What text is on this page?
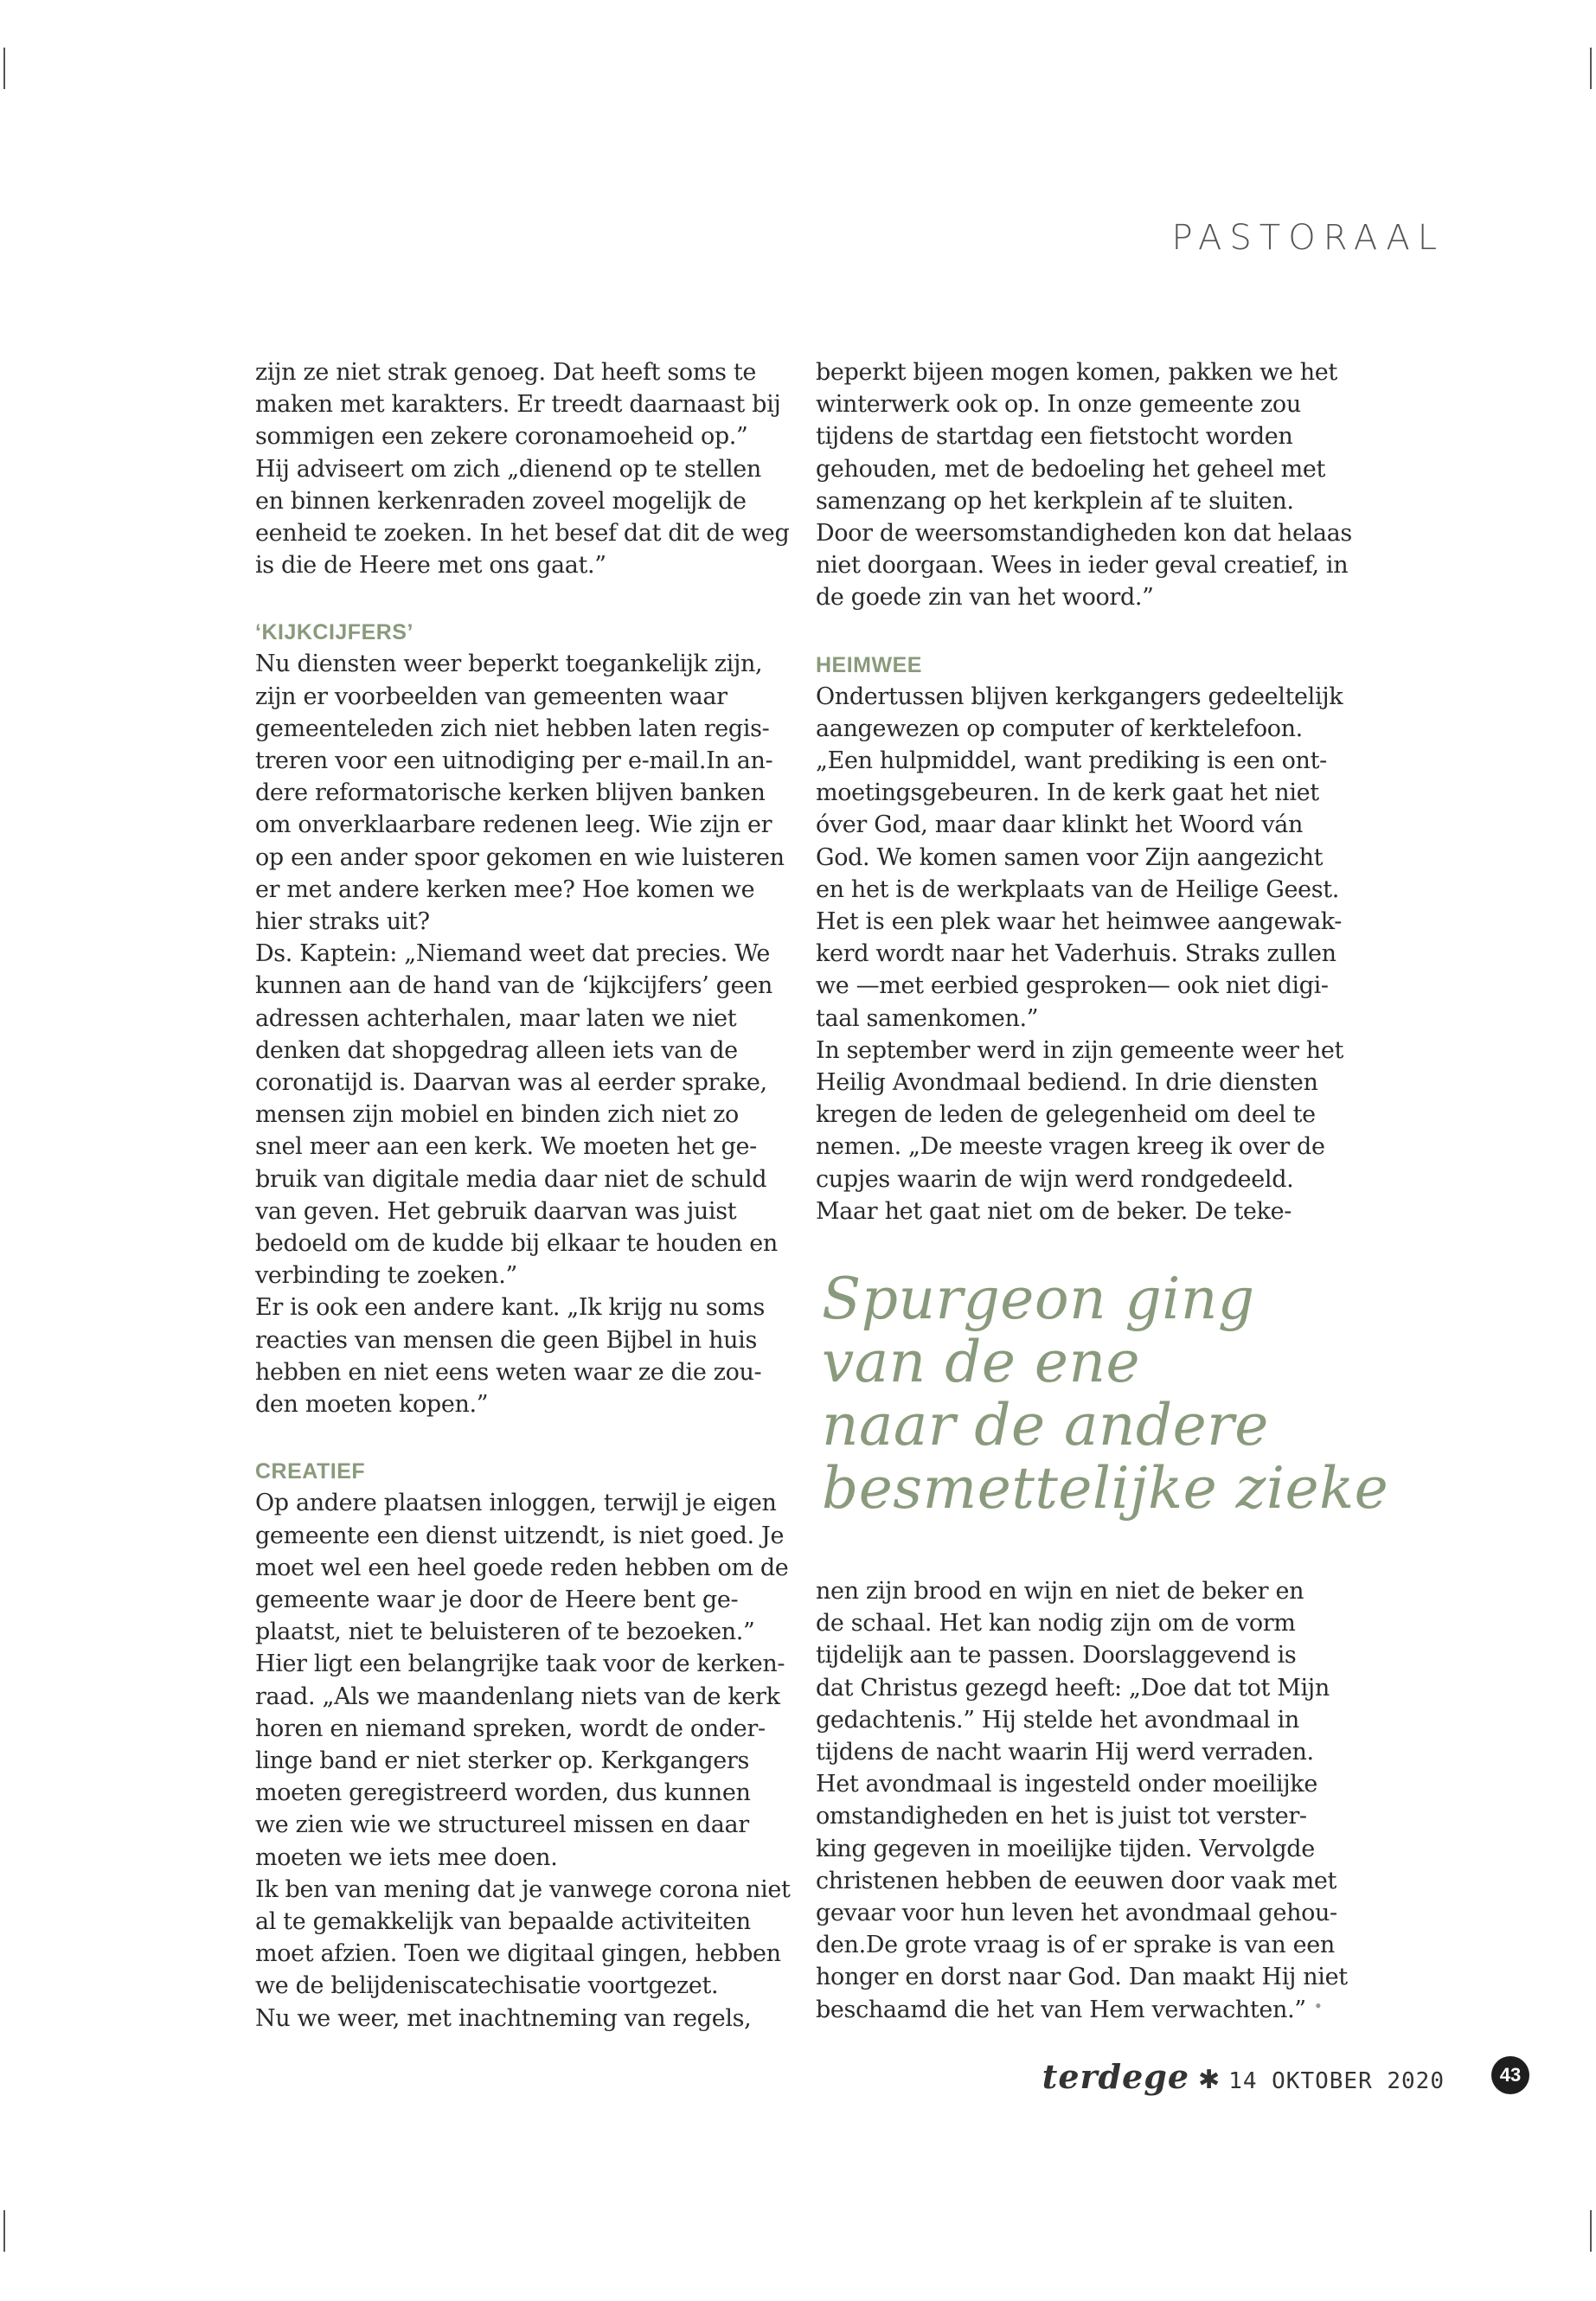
PASTORAAL
zijn ze niet strak genoeg. Dat heeft soms te
maken met karakters. Er treedt daarnaast bij
sommigen een zekere coronamoeheid op.”
Hij adviseert om zich „dienend op te stellen
en binnen kerkenraden zoveel mogelijk de
eenheid te zoeken. In het besef dat dit de weg
is die de Heere met ons gaat.”
‘KIJKCIJFERS’
Nu diensten weer beperkt toegankelijk zijn,
zijn er voorbeelden van gemeenten waar
gemeenteleden zich niet hebben laten regis-
treren voor een uitnodiging per e-mail.In an-
dere reformatorische kerken blijven banken
om onverklaarbare redenen leeg. Wie zijn er
op een ander spoor gekomen en wie luisteren
er met andere kerken mee? Hoe komen we
hier straks uit?
Ds. Kaptein: „Niemand weet dat precies. We
kunnen aan de hand van de ‘kijkcijfers’ geen
adressen achterhalen, maar laten we niet
denken dat shopgedrag alleen iets van de
coronatijd is. Daarvan was al eerder sprake,
mensen zijn mobiel en binden zich niet zo
snel meer aan een kerk. We moeten het ge-
bruik van digitale media daar niet de schuld
van geven. Het gebruik daarvan was juist
bedoeld om de kudde bij elkaar te houden en
verbinding te zoeken.”
Er is ook een andere kant. „Ik krijg nu soms
reacties van mensen die geen Bijbel in huis
hebben en niet eens weten waar ze die zou-
den moeten kopen.”
CREATIEF
Op andere plaatsen inloggen, terwijl je eigen
gemeente een dienst uitzendt, is niet goed. Je
moet wel een heel goede reden hebben om de
gemeente waar je door de Heere bent ge-
plaatst, niet te beluisteren of te bezoeken.”
Hier ligt een belangrijke taak voor de kerken-
raad. „Als we maandenlang niets van de kerk
horen en niemand spreken, wordt de onder-
linge band er niet sterker op. Kerkgangers
moeten geregistreerd worden, dus kunnen
we zien wie we structureel missen en daar
moeten we iets mee doen.
Ik ben van mening dat je vanwege corona niet
al te gemakkelijk van bepaalde activiteiten
moet afzien. Toen we digitaal gingen, hebben
we de belijdeniscatechisatie voortgezet.
Nu we weer, met inachtneming van regels,
beperkt bijeen mogen komen, pakken we het
winterwerk ook op. In onze gemeente zou
tijdens de startdag een fietstocht worden
gehouden, met de bedoeling het geheel met
samenzang op het kerkplein af te sluiten.
Door de weersomstandigheden kon dat helaas
niet doorgaan. Wees in ieder geval creatief, in
de goede zin van het woord.”
HEIMWEE
Ondertussen blijven kerkgangers gedeeltelijk
aangewezen op computer of kerktelefoon.
„Een hulpmiddel, want prediking is een ont-
moetingsgebeuren. In de kerk gaat het niet
óver God, maar daar klinkt het Woord ván
God. We komen samen voor Zijn aangezicht
en het is de werkplaats van de Heilige Geest.
Het is een plek waar het heimwee aangewak-
kerd wordt naar het Vaderhuis. Straks zullen
we —met eerbied gesproken— ook niet digi-
taal samenkomen.”
In september werd in zijn gemeente weer het
Heilig Avondmaal bediend. In drie diensten
kregen de leden de gelegenheid om deel te
nemen. „De meeste vragen kreeg ik over de
cupjes waarin de wijn werd rondgedeeld.
Maar het gaat niet om de beker. De teke-
Spurgeon ging
van de ene
naar de andere
besmettelijke zieke
nen zijn brood en wijn en niet de beker en
de schaal. Het kan nodig zijn om de vorm
tijdelijk aan te passen. Doorslaggevend is
dat Christus gezegd heeft: „Doe dat tot Mijn
gedachtenis.” Hij stelde het avondmaal in
tijdens de nacht waarin Hij werd verraden.
Het avondmaal is ingesteld onder moeilijke
omstandigheden en het is juist tot verster-
king gegeven in moeilijke tijden. Vervolgde
christenen hebben de eeuwen door vaak met
gevaar voor hun leven het avondmaal gehou-
den.De grote vraag is of er sprake is van een
honger en dorst naar God. Dan maakt Hij niet
beschaamd die het van Hem verwachten.” •
terdege ✱ 14 OKTOBER 2020	43
